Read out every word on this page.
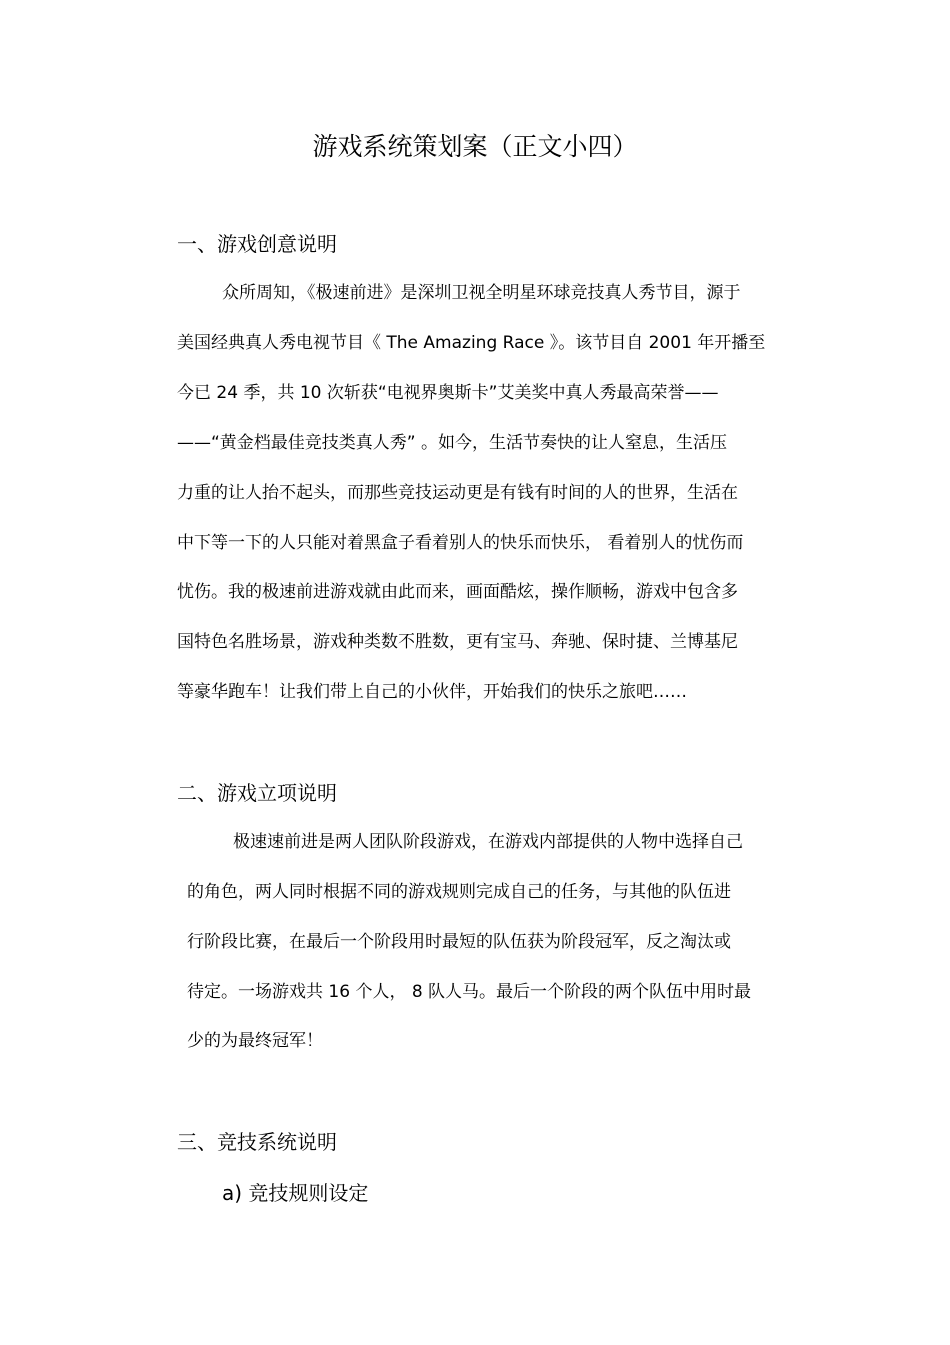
游戏系统策划案（正文小四）
一、游戏创意说明
众所周知，《极速前进》是深圳卫视全明星环球竞技真人秀节目，源于
美国经典真人秀电视节目《 The Amazing Race 》。该节目自 2001 年开播至
今已 24 季，共 10 次斩获“电视界奥斯卡”艾美奖中真人秀最高荣誉——
——“黄金档最佳竞技类真人秀” 。如今，生活节奏快的让人窒息，生活压
力重的让人抬不起头，而那些竞技运动更是有钱有时间的人的世界，生活在
中下等一下的人只能对着黑盒子看着别人的快乐而快乐， 看着别人的忧伤而
忧伤。我的极速前进游戏就由此而来，画面酷炫，操作顺畅，游戏中包含多
国特色名胜场景，游戏种类数不胜数，更有宝马、奔驰、保时捷、兰博基尼
等豪华跑车！让我们带上自己的小伙伴，开始我们的快乐之旅吧……
二、游戏立项说明
极速速前进是两人团队阶段游戏，在游戏内部提供的人物中选择自己
的角色，两人同时根据不同的游戏规则完成自己的任务，与其他的队伍进
行阶段比赛，在最后一个阶段用时最短的队伍获为阶段冠军，反之淘汰或
待定。一场游戏共 16 个人， 8 队人马。最后一个阶段的两个队伍中用时最
少的为最终冠军！
三、竞技系统说明
a) 竞技规则设定
